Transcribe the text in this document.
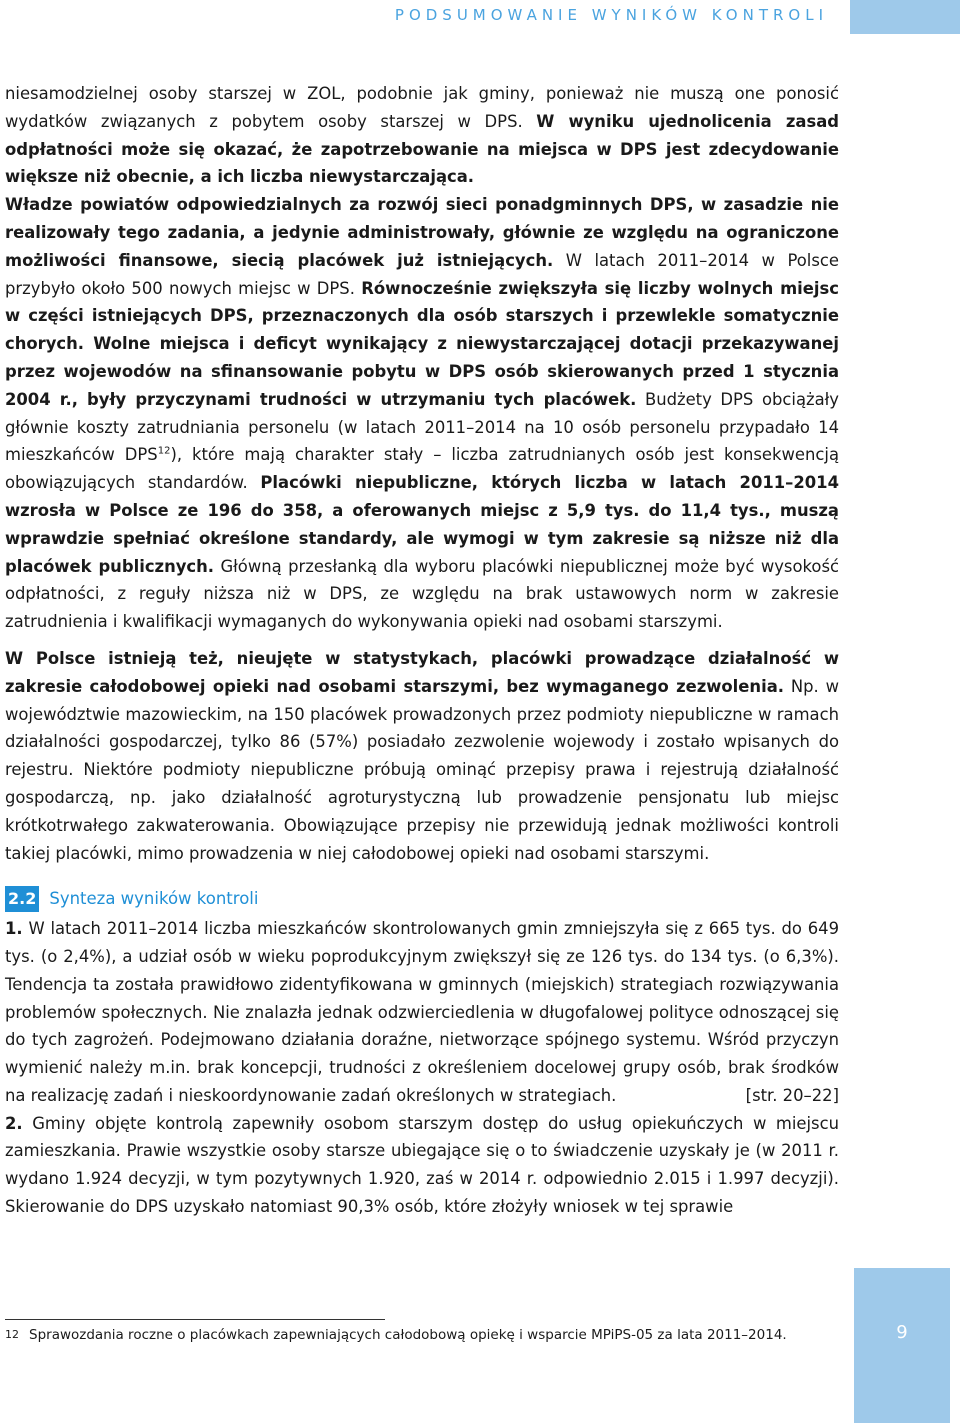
PODSUMOWANIE WYNIKÓW KONTROLI

niesamodzielnej osoby starszej w ZOL, podobnie jak gminy, ponieważ nie muszą one ponosić wydatków związanych z pobytem osoby starszej w DPS. W wyniku ujednolicenia zasad odpłatności może się okazać, że zapotrzebowanie na miejsca w DPS jest zdecydowanie większe niż obecnie, a ich liczba niewystarczająca.

Władze powiatów odpowiedzialnych za rozwój sieci ponadgminnych DPS, w zasadzie nie realizowały tego zadania, a jedynie administrowały, głównie ze względu na ograniczone możliwości finansowe, siecią placówek już istniejących. W latach 2011–2014 w Polsce przybyło około 500 nowych miejsc w DPS. Równocześnie zwiększyła się liczby wolnych miejsc w części istniejących DPS, przeznaczonych dla osób starszych i przewlekle somatycznie chorych. Wolne miejsca i deficyt wynikający z niewystarczającej dotacji przekazywanej przez wojewodów na sfinansowanie pobytu w DPS osób skierowanych przed 1 stycznia 2004 r., były przyczynami trudności w utrzymaniu tych placówek. Budżety DPS obciążały głównie koszty zatrudniania personelu (w latach 2011–2014 na 10 osób personelu przypadało 14 mieszkańców DPS$^{12}$), które mają charakter stały – liczba zatrudnianych osób jest konsekwencją obowiązujących standardów. Placówki niepubliczne, których liczba w latach 2011–2014 wzrosła w Polsce ze 196 do 358, a oferowanych miejsc z 5,9 tys. do 11,4 tys., muszą wprawdzie spełniać określone standardy, ale wymogi w tym zakresie są niższe niż dla placówek publicznych. Główną przesłanką dla wyboru placówki niepublicznej może być wysokość odpłatności, z reguły niższa niż w DPS, ze względu na brak ustawowych norm w zakresie zatrudnienia i kwalifikacji wymaganych do wykonywania opieki nad osobami starszymi.

W Polsce istnieją też, nieujęte w statystykach, placówki prowadzące działalność w zakresie całodobowej opieki nad osobami starszymi, bez wymaganego zezwolenia. Np. w województwie mazowieckim, na 150 placówek prowadzonych przez podmioty niepubliczne w ramach działalności gospodarczej, tylko 86 (57%) posiadało zezwolenie wojewody i zostało wpisanych do rejestru. Niektóre podmioty niepubliczne próbują ominąć przepisy prawa i rejestrują działalność gospodarczą, np. jako działalność agroturystyczną lub prowadzenie pensjonatu lub miejsc krótkotrwałego zakwaterowania. Obowiązujące przepisy nie przewidują jednak możliwości kontroli takiej placówki, mimo prowadzenia w niej całodobowej opieki nad osobami starszymi.

2.2 Synteza wyników kontroli

1. W latach 2011–2014 liczba mieszkańców skontrolowanych gmin zmniejszyła się z 665 tys. do 649 tys. (o 2,4%), a udział osób w wieku poprodukcyjnym zwiększył się ze 126 tys. do 134 tys. (o 6,3%). Tendencja ta została prawidłowo zidentyfikowana w gminnych (miejskich) strategiach rozwiązywania problemów społecznych. Nie znalazła jednak odzwierciedlenia w długofalowej polityce odnoszącej się do tych zagrożeń. Podejmowano działania doraźne, nietworzące spójnego systemu. Wśród przyczyn wymienić należy m.in. brak koncepcji, trudności z określeniem docelowej grupy osób, brak środków na realizację zadań i nieskoordynowanie zadań określonych w strategiach.	[str. 20–22]

2. Gminy objęte kontrolą zapewniły osobom starszym dostęp do usług opiekuńczych w miejscu zamieszkania. Prawie wszystkie osoby starsze ubiegające się o to świadczenie uzyskały je (w 2011 r. wydano 1.924 decyzji, w tym pozytywnych 1.920, zaś w 2014 r. odpowiednio 2.015 i 1.997 decyzji). Skierowanie do DPS uzyskało natomiast 90,3% osób, które złożyły wniosek w tej sprawie

12 Sprawozdania roczne o placówkach zapewniających całodobową opiekę i wsparcie MPiPS-05 za lata 2011–2014.	9
